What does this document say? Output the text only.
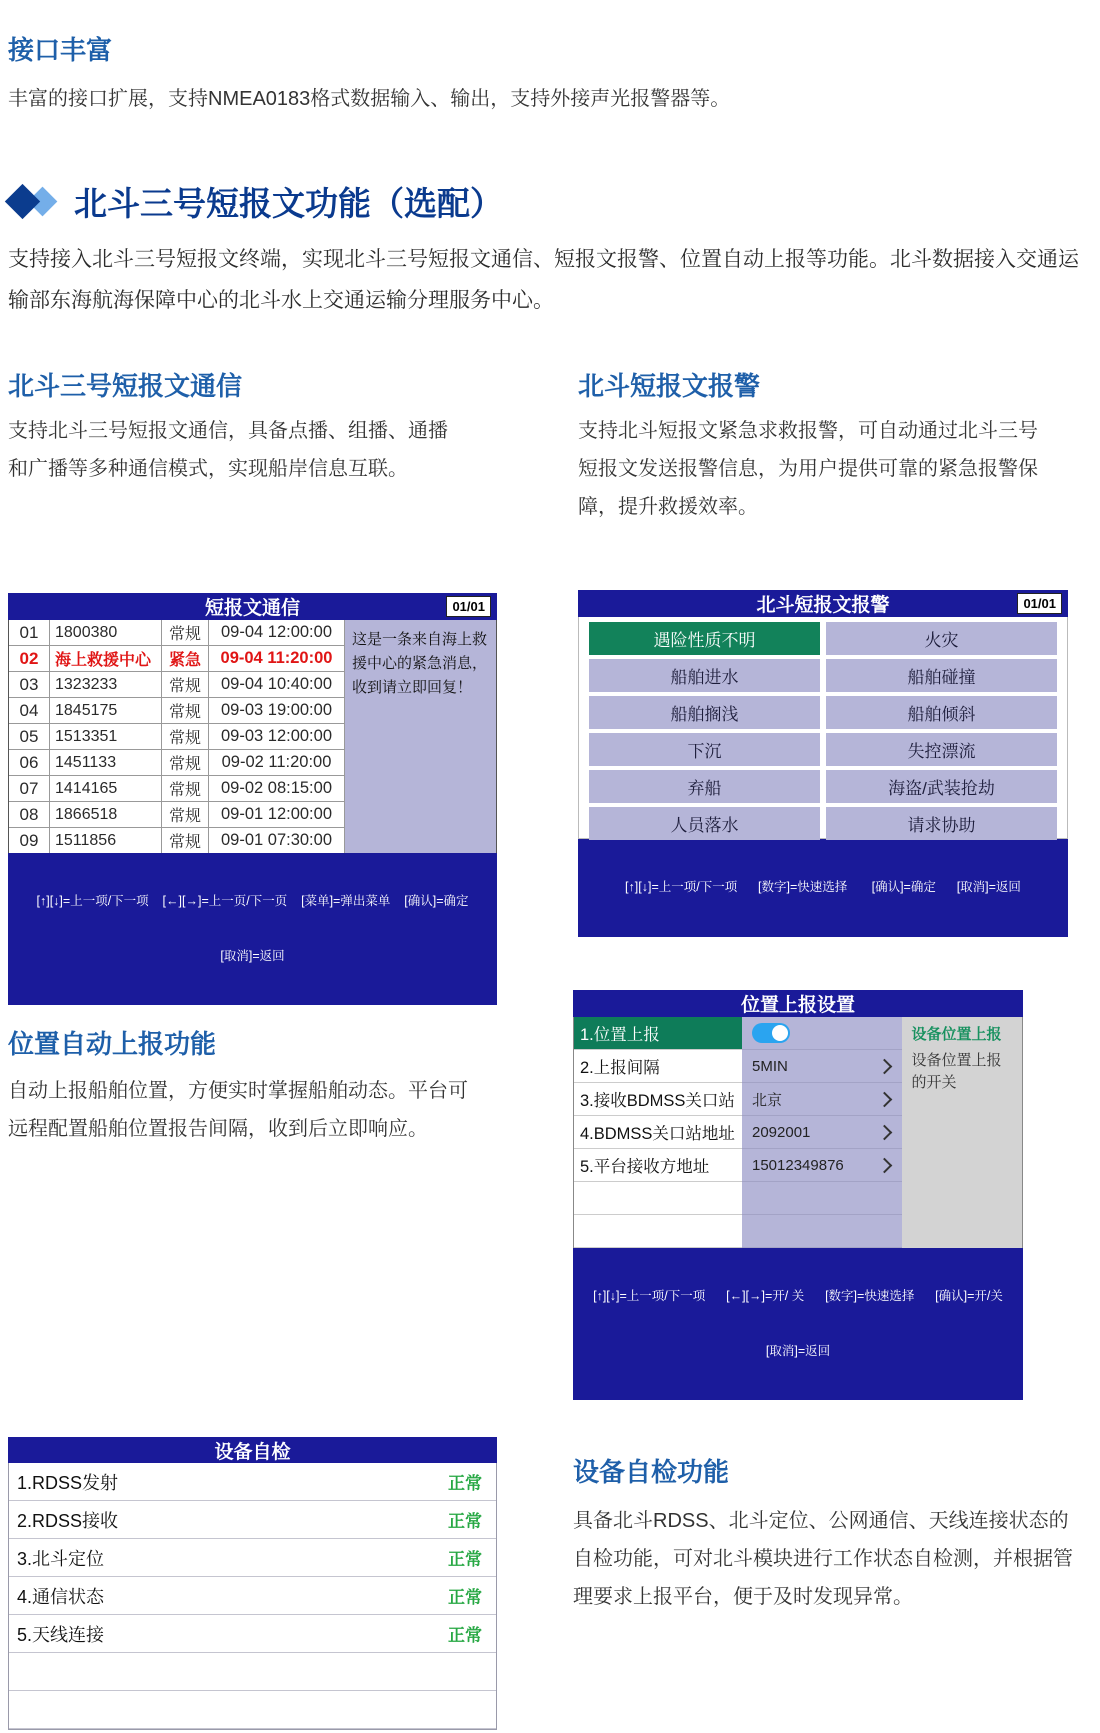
接口丰富
丰富的接口扩展，支持NMEA0183格式数据输入、输出，支持外接声光报警器等。
北斗三号短报文功能（选配）
支持接入北斗三号短报文终端，实现北斗三号短报文通信、短报文报警、位置自动上报等功能。北斗数据接入交通运输部东海航海保障中心的北斗水上交通运输分理服务中心。
北斗三号短报文通信
支持北斗三号短报文通信，具备点播、组播、通播和广播等多种通信模式，实现船岸信息互联。
北斗短报文报警
支持北斗短报文紧急求救报警，可自动通过北斗三号短报文发送报警信息，为用户提供可靠的紧急报警保障，提升救援效率。
短报文通信	01/01
01	1800380	常规	09-04 12:00:00
02	海上救援中心	紧急	09-04 11:20:00
03	1323233	常规	09-04 10:40:00
04	1845175	常规	09-03 19:00:00
05	1513351	常规	09-03 12:00:00
06	1451133	常规	09-02 11:20:00
07	1414165	常规	09-02 08:15:00
08	1866518	常规	09-01 12:00:00
09	1511856	常规	09-01 07:30:00
这是一条来自海上救援中心的紧急消息，收到请立即回复！

[↑][↓]=上一项/下一项    [←][→]=上一页/下一页    [菜单]=弹出菜单    [确认]=确定

[取消]=返回

北斗短报文报警	01/01
遇险性质不明	火灾
船舶进水	船舶碰撞
船舶搁浅	船舶倾斜
下沉	失控漂流
弃船	海盗/武装抢劫
人员落水	请求协助

[↑][↓]=上一项/下一项      [数字]=快速选择       [确认]=确定      [取消]=返回

位置自动上报功能
自动上报船舶位置，方便实时掌握船舶动态。平台可远程配置船舶位置报告间隔，收到后立即响应。
位置上报设置
1.位置上报
2.上报间隔	5MIN
3.接收BDMSS关口站	北京
4.BDMSS关口站地址	2092001
5.平台接收方地址	15012349876
设备位置上报
设备位置上报的开关

[↑][↓]=上一项/下一项      [←][→]=开/ 关      [数字]=快速选择      [确认]=开/关

[取消]=返回

设备自检
1.RDSS发射	正常
2.RDSS接收	正常
3.北斗定位	正常
4.通信状态	正常
5.天线连接	正常
设备自检功能
具备北斗RDSS、北斗定位、公网通信、天线连接状态的自检功能，可对北斗模块进行工作状态自检测，并根据管理要求上报平台，便于及时发现异常。
